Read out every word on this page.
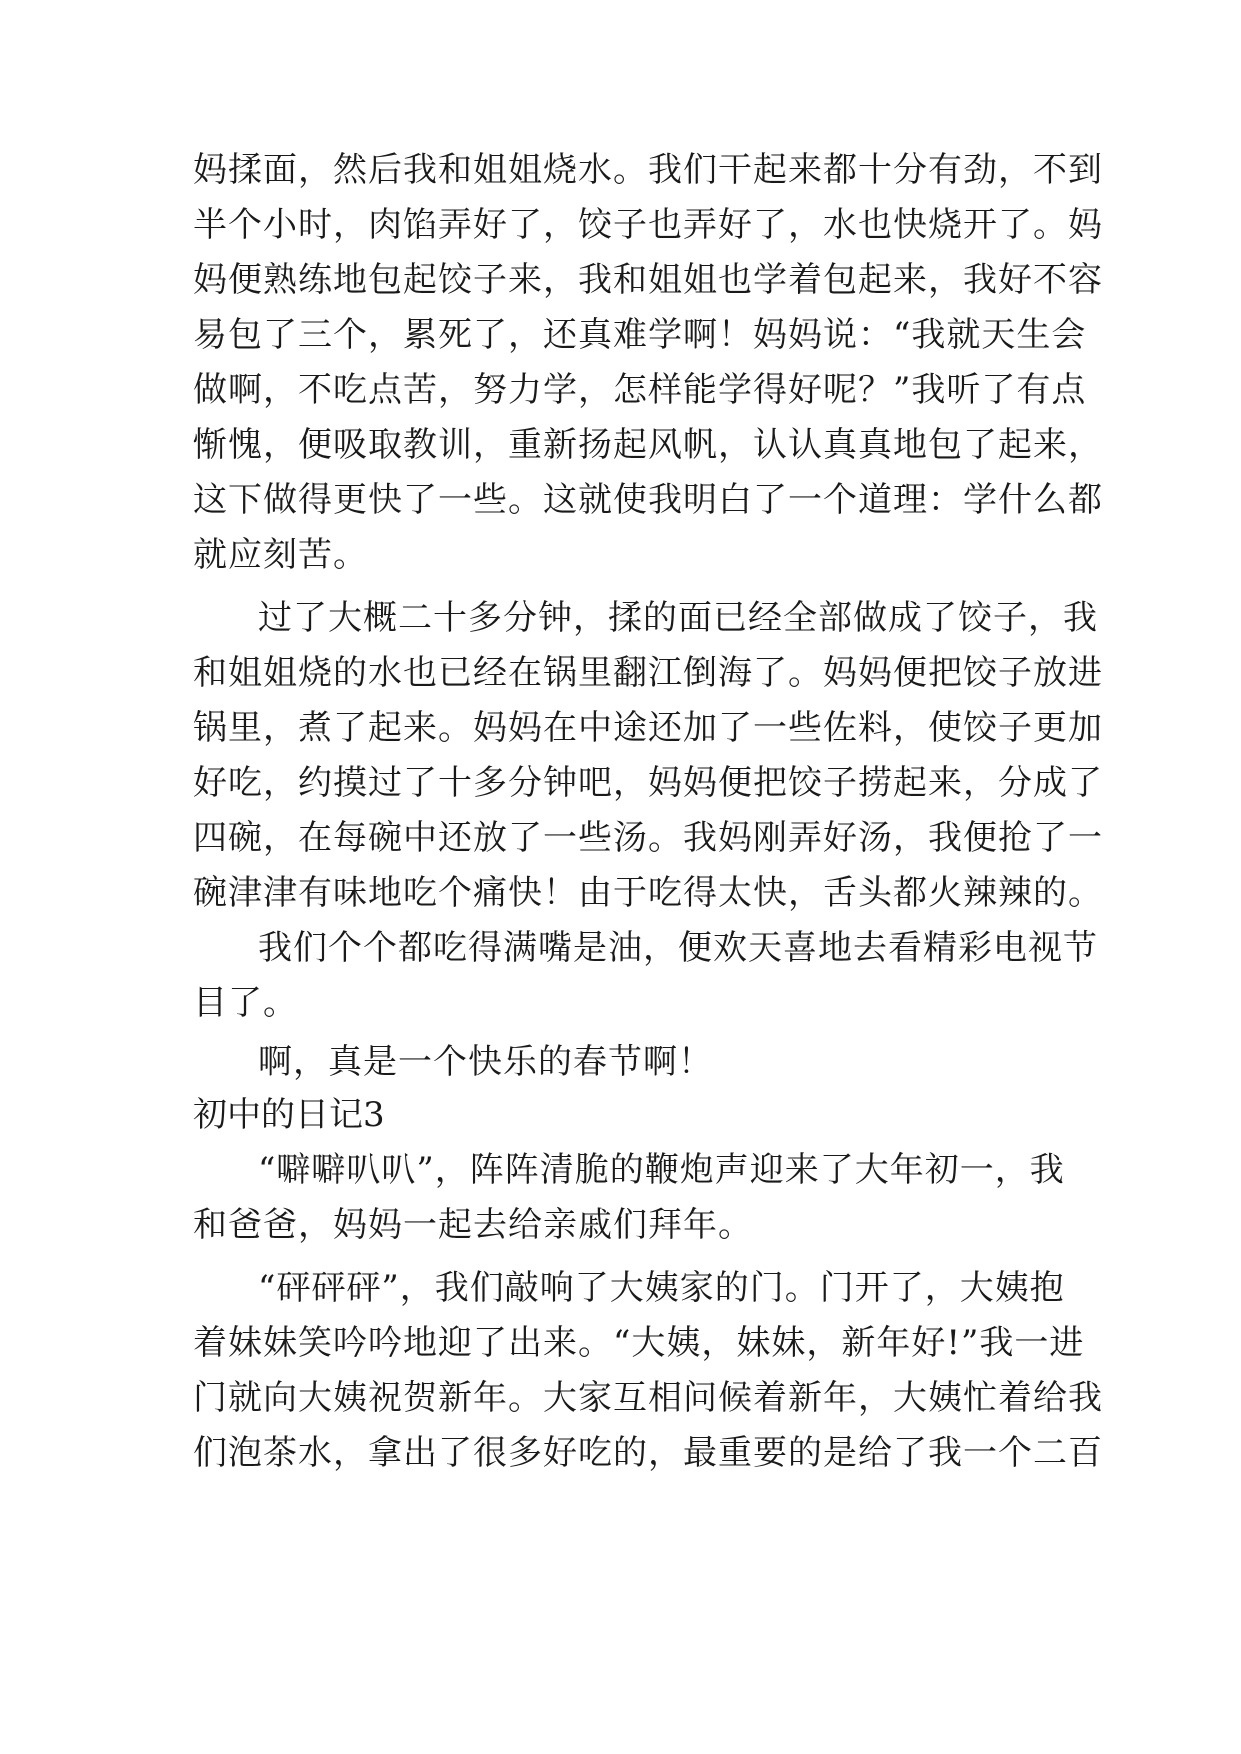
妈揉面，然后我和姐姐烧水。我们干起来都十分有劲，不到
半个小时，肉馅弄好了，饺子也弄好了，水也快烧开了。妈
妈便熟练地包起饺子来，我和姐姐也学着包起来，我好不容
易包了三个，累死了，还真难学啊！妈妈说：“我就天生会
做啊，不吃点苦，努力学，怎样能学得好呢？”我听了有点
惭愧，便吸取教训，重新扬起风帆，认认真真地包了起来，
这下做得更快了一些。这就使我明白了一个道理：学什么都
就应刻苦。
过了大概二十多分钟，揉的面已经全部做成了饺子，我
和姐姐烧的水也已经在锅里翻江倒海了。妈妈便把饺子放进
锅里，煮了起来。妈妈在中途还加了一些佐料，使饺子更加
好吃，约摸过了十多分钟吧，妈妈便把饺子捞起来，分成了
四碗，在每碗中还放了一些汤。我妈刚弄好汤，我便抢了一
碗津津有味地吃个痛快！由于吃得太快，舌头都火辣辣的。
我们个个都吃得满嘴是油，便欢天喜地去看精彩电视节
目了。
啊，真是一个快乐的春节啊！
初中的日记3
“噼噼叭叭”，阵阵清脆的鞭炮声迎来了大年初一，我
和爸爸，妈妈一起去给亲戚们拜年。
“砰砰砰”，我们敲响了大姨家的门。门开了，大姨抱
着妹妹笑吟吟地迎了出来。“大姨，妹妹，新年好!”我一进
门就向大姨祝贺新年。大家互相问候着新年，大姨忙着给我
们泡茶水，拿出了很多好吃的，最重要的是给了我一个二百
